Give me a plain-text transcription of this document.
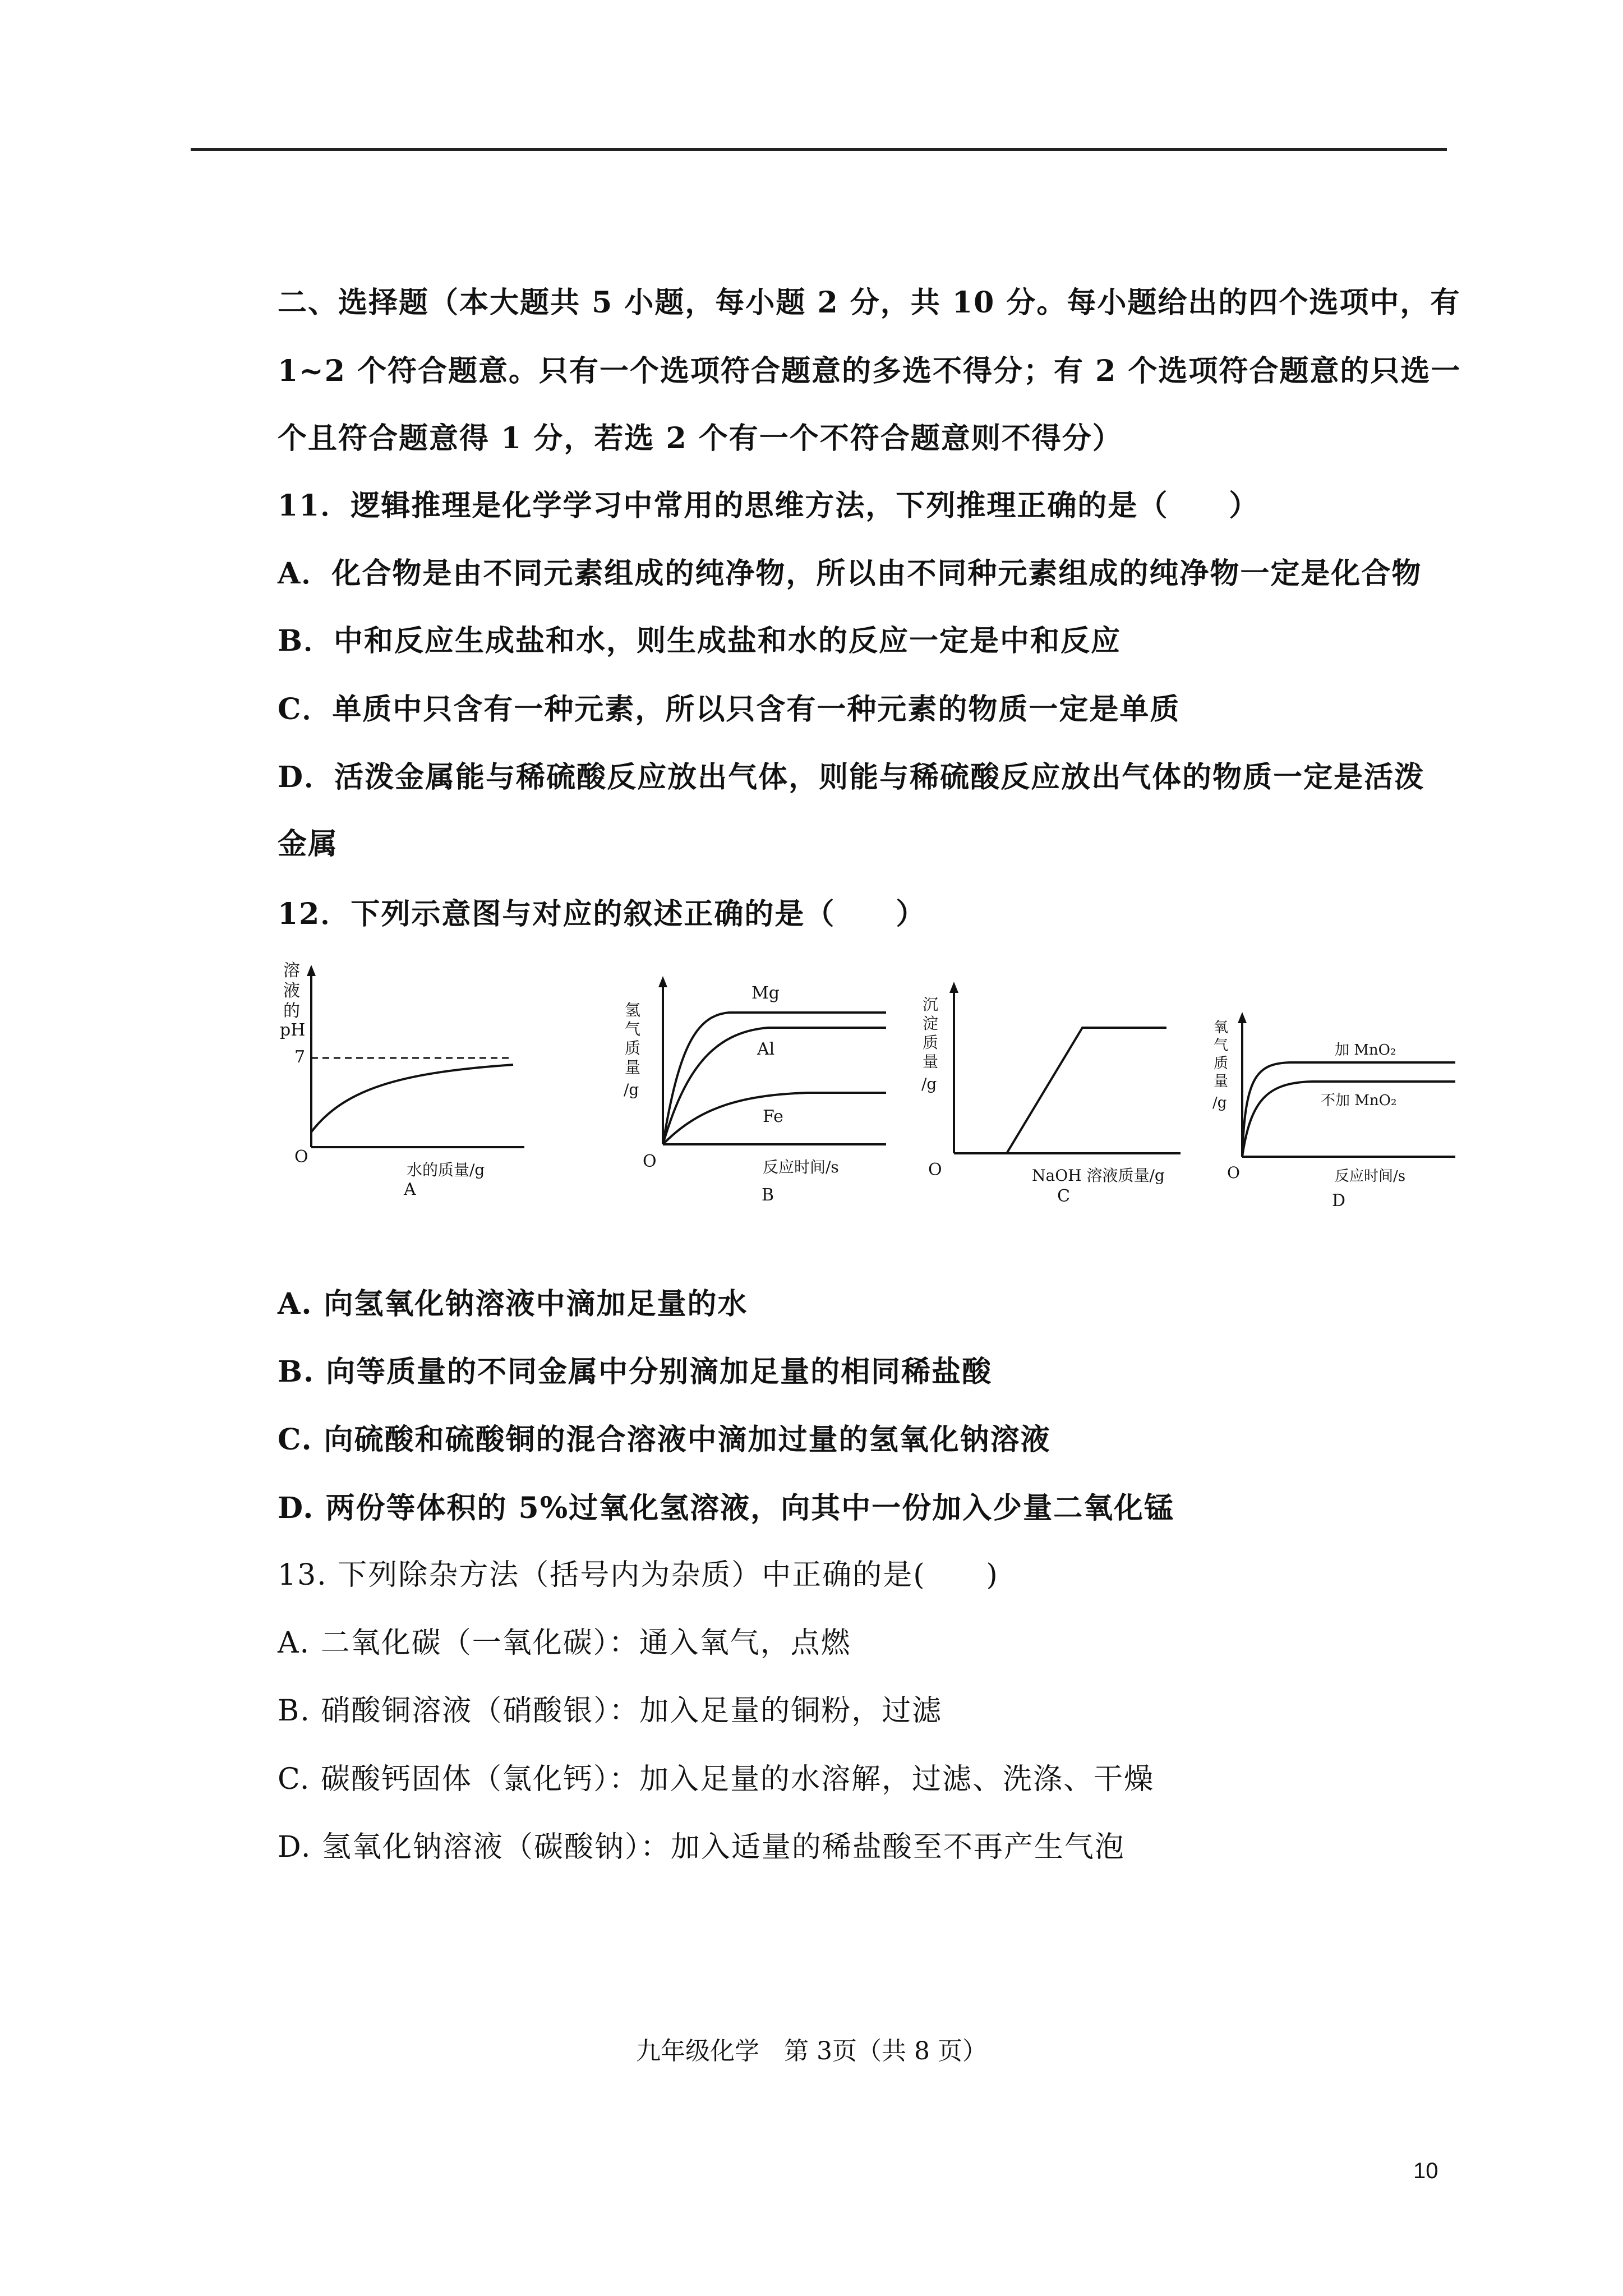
二、选择题（本大题共 5 小题，每小题 2 分，共 10 分。每小题给出的四个选项中，有
1~2 个符合题意。只有一个选项符合题意的多选不得分；有 2 个选项符合题意的只选一
个且符合题意得 1 分，若选 2 个有一个不符合题意则不得分）
11．逻辑推理是化学学习中常用的思维方法，下列推理正确的是（　　）
A．化合物是由不同元素组成的纯净物，所以由不同种元素组成的纯净物一定是化合物
B．中和反应生成盐和水，则生成盐和水的反应一定是中和反应
C．单质中只含有一种元素，所以只含有一种元素的物质一定是单质
D．活泼金属能与稀硫酸反应放出气体，则能与稀硫酸反应放出气体的物质一定是活泼
金属
12．下列示意图与对应的叙述正确的是（　　）
溶
液
的
pH
7
O
水的质量/g
A
氢
气
质
量
/g
Mg
Al
Fe
O	反应时间/s
B
沉
淀
质
量
/g
O	NaOH 溶液质量/g
C
氧
气
质
量
/g
加 MnO₂
不加 MnO₂
O	反应时间/s
D
A. 向氢氧化钠溶液中滴加足量的水
B. 向等质量的不同金属中分别滴加足量的相同稀盐酸
C. 向硫酸和硫酸铜的混合溶液中滴加过量的氢氧化钠溶液
D. 两份等体积的 5%过氧化氢溶液，向其中一份加入少量二氧化锰
13. 下列除杂方法（括号内为杂质）中正确的是(　　)
A. 二氧化碳（一氧化碳）：通入氧气，点燃
B. 硝酸铜溶液（硝酸银）：加入足量的铜粉，过滤
C. 碳酸钙固体（氯化钙）：加入足量的水溶解，过滤、洗涤、干燥
D. 氢氧化钠溶液（碳酸钠）：加入适量的稀盐酸至不再产生气泡
九年级化学　第 3页（共 8 页）
10
